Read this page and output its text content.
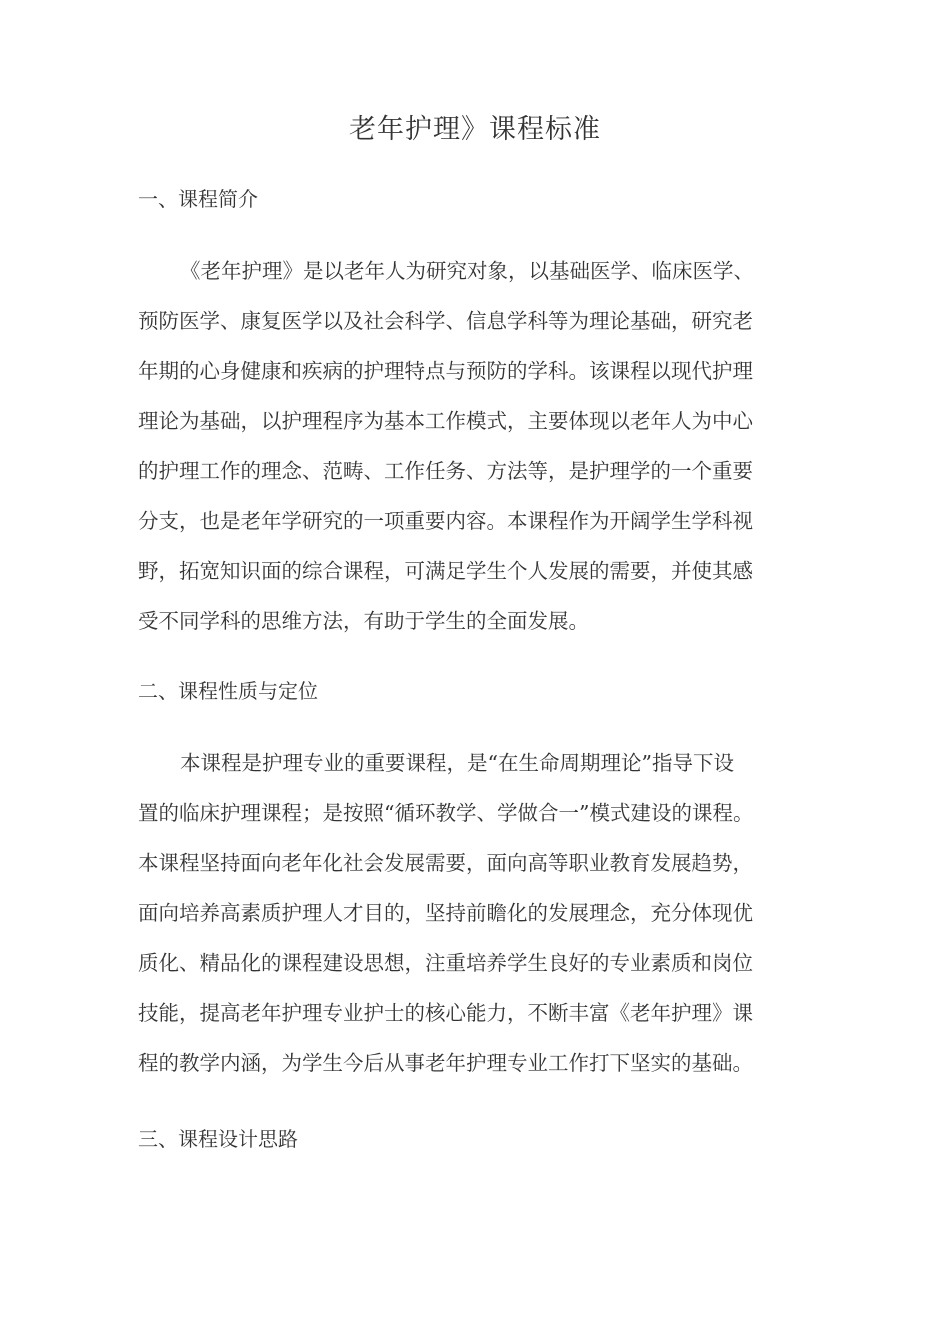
老年护理》课程标准
一、课程简介
《老年护理》是以老年人为研究对象，以基础医学、临床医学、
预防医学、康复医学以及社会科学、信息学科等为理论基础，研究老
年期的心身健康和疾病的护理特点与预防的学科。该课程以现代护理
理论为基础，以护理程序为基本工作模式，主要体现以老年人为中心
的护理工作的理念、范畴、工作任务、方法等，是护理学的一个重要
分支，也是老年学研究的一项重要内容。本课程作为开阔学生学科视
野，拓宽知识面的综合课程，可满足学生个人发展的需要，并使其感
受不同学科的思维方法，有助于学生的全面发展。
二、课程性质与定位
本课程是护理专业的重要课程，是“在生命周期理论”指导下设
置的临床护理课程；是按照“循环教学、学做合一”模式建设的课程。
本课程坚持面向老年化社会发展需要，面向高等职业教育发展趋势，
面向培养高素质护理人才目的，坚持前瞻化的发展理念，充分体现优
质化、精品化的课程建设思想，注重培养学生良好的专业素质和岗位
技能，提高老年护理专业护士的核心能力，不断丰富《老年护理》课
程的教学内涵，为学生今后从事老年护理专业工作打下坚实的基础。
三、课程设计思路
